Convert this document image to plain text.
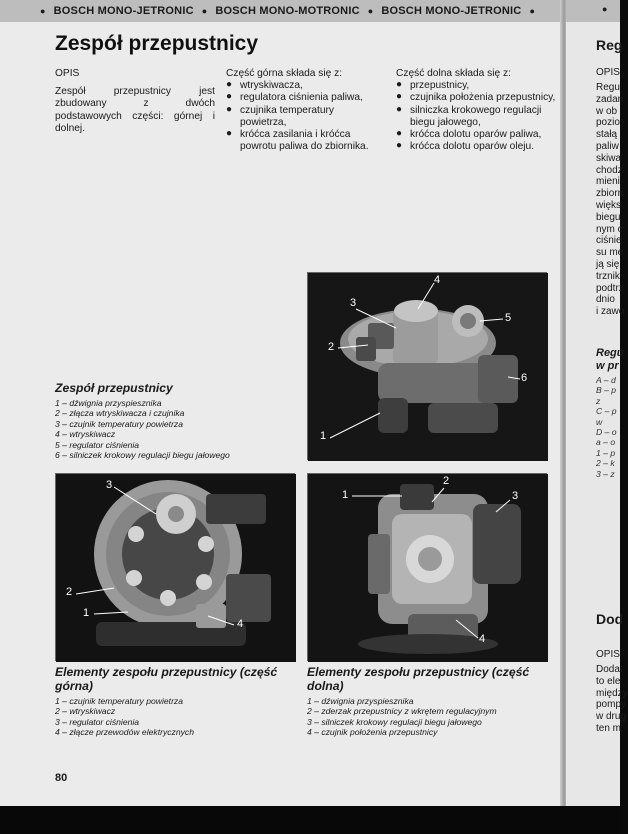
● BOSCH MONO-JETRONIC ● BOSCH MONO-MOTRONIC ● BOSCH MONO-JETRONIC ●
Zespół przepustnicy
OPIS

Zespół przepustnicy jest zbudowany z dwóch podstawowych części: górnej i dolnej.

Część górna składa się z:
● wtryskiwacza,
● regulatora ciśnienia paliwa,
● czujnika temperatury powietrza,
● króćca zasilania i króćca powrotu paliwa do zbiornika.
Część dolna składa się z:
● przepustnicy,
● czujnika położenia przepustnicy,
● silniczka krokowego regulacji biegu jałowego,
● króćca dolotu oparów paliwa,
● króćca dolotu oparów oleju.
1
2
3
4
5
6
Zespół przepustnicy
1 – dźwignia przyspiesznika
2 – złącza wtryskiwacza i czujnika
3 – czujnik temperatury powietrza
4 – wtryskiwacz
5 – regulator ciśnienia
6 – silniczek krokowy regulacji biegu jałowego
1
2
3
4
1
2
3
4
Elementy zespołu przepustnicy (część górna)
1 – czujnik temperatury powietrza
2 – wtryskiwacz
3 – regulator ciśnienia
4 – złącze przewodów elektrycznych
Elementy zespołu przepustnicy (część dolna)
1 – dźwignia przyspiesznika
2 – zderzak przepustnicy z wkrętem regulacyjnym
3 – silniczek krokowy regulacji biegu jałowego
4 – czujnik położenia przepustnicy
80
●
Reg
OPIS
Regu
zadan
w ob
pozio
stałą
paliw
skiwa
chodz
mieni
zbiorn
więks
biegu
nym c
ciśnie
su me
ją się
trznik
podtrz
dnio
i zawo
Regu
w pr
A – d
B – p
z
C – p
w
D – o
a – o
1 – p
2 – k
3 – z
Dod
OPIS
Dodat
to ele
między
pompy
w drug
ten m
